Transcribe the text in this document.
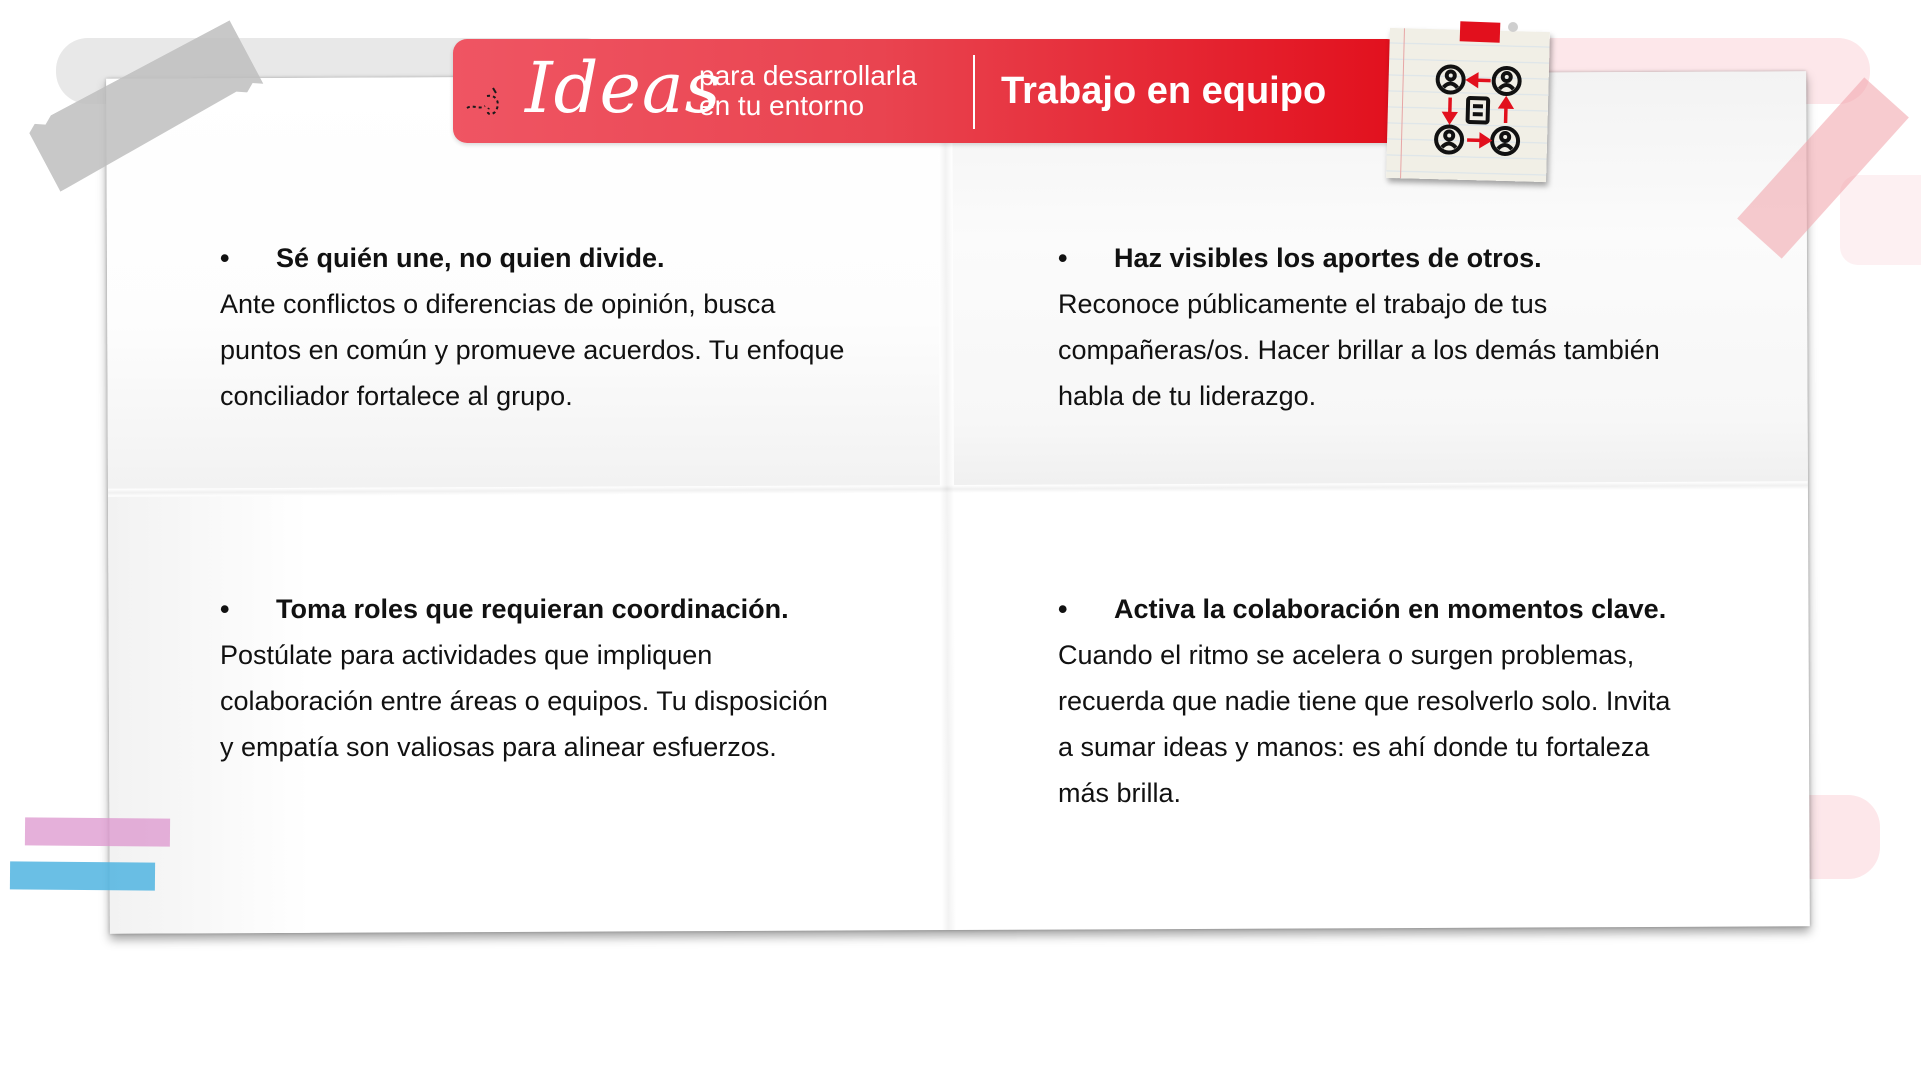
Ideas
para desarrollarla
en tu entorno	Trabajo en equipo
•	Sé quién une, no quien divide.

Ante conflictos o diferencias de opinión, busca
puntos en común y promueve acuerdos. Tu enfoque
conciliador fortalece al grupo.

•	Haz visibles los aportes de otros.

Reconoce públicamente el trabajo de tus
compañeras/os. Hacer brillar a los demás también
habla de tu liderazgo.

•	Toma roles que requieran coordinación.

Postúlate para actividades que impliquen
colaboración entre áreas o equipos. Tu disposición
y empatía son valiosas para alinear esfuerzos.

•	Activa la colaboración en momentos clave.

Cuando el ritmo se acelera o surgen problemas,
recuerda que nadie tiene que resolverlo solo. Invita
a sumar ideas y manos: es ahí donde tu fortaleza
más brilla.
